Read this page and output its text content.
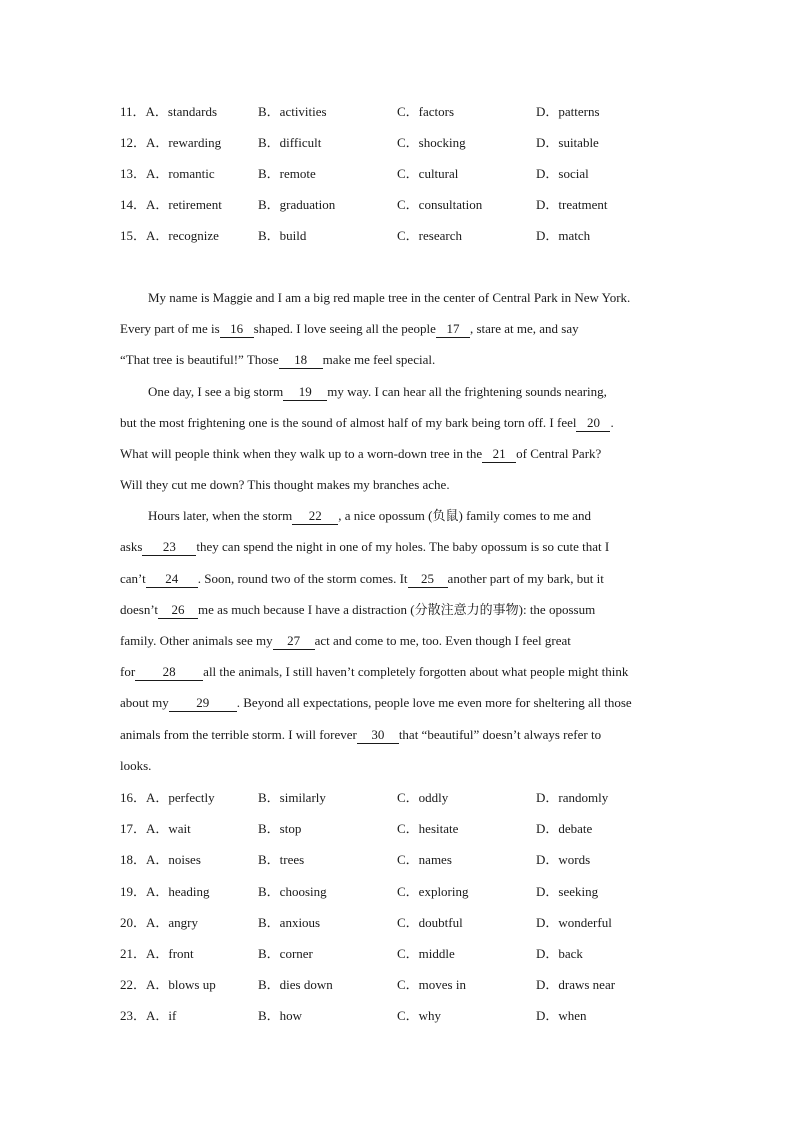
11．A．standards	B．activities	C．factors	D．patterns
12．A．rewarding	B．difficult	C．shocking	D．suitable
13．A．romantic	B．remote	C．cultural	D．social
14．A．retirement	B．graduation	C．consultation	D．treatment
15．A．recognize	B．build	C．research	D．match
My name is Maggie and I am a big red maple tree in the center of Central Park in New York.
Every part of me is 16 shaped. I love seeing all the people 17 , stare at me, and say
“That tree is beautiful!” Those 18 make me feel special.
One day, I see a big storm 19 my way. I can hear all the frightening sounds nearing,
but the most frightening one is the sound of almost half of my bark being torn off. I feel 20 .
What will people think when they walk up to a worn-down tree in the 21 of Central Park?
Will they cut me down? This thought makes my branches ache.
Hours later, when the storm 22 , a nice opossum (负鼠) family comes to me and
asks 23 they can spend the night in one of my holes. The baby opossum is so cute that I
can’t 24 . Soon, round two of the storm comes. It 25 another part of my bark, but it
doesn’t 26 me as much because I have a distraction (分散注意力的事物): the opossum
family. Other animals see my 27 act and come to me, too. Even though I feel great
for 28 all the animals, I still haven’t completely forgotten about what people might think
about my 29 . Beyond all expectations, people love me even more for sheltering all those
animals from the terrible storm. I will forever 30 that “beautiful” doesn’t always refer to
looks.
16．A．perfectly	B．similarly	C．oddly	D．randomly
17．A．wait	B．stop	C．hesitate	D．debate
18．A．noises	B．trees	C．names	D．words
19．A．heading	B．choosing	C．exploring	D．seeking
20．A．angry	B．anxious	C．doubtful	D．wonderful
21．A．front	B．corner	C．middle	D．back
22．A．blows up	B．dies down	C．moves in	D．draws near
23．A．if	B．how	C．why	D．when
